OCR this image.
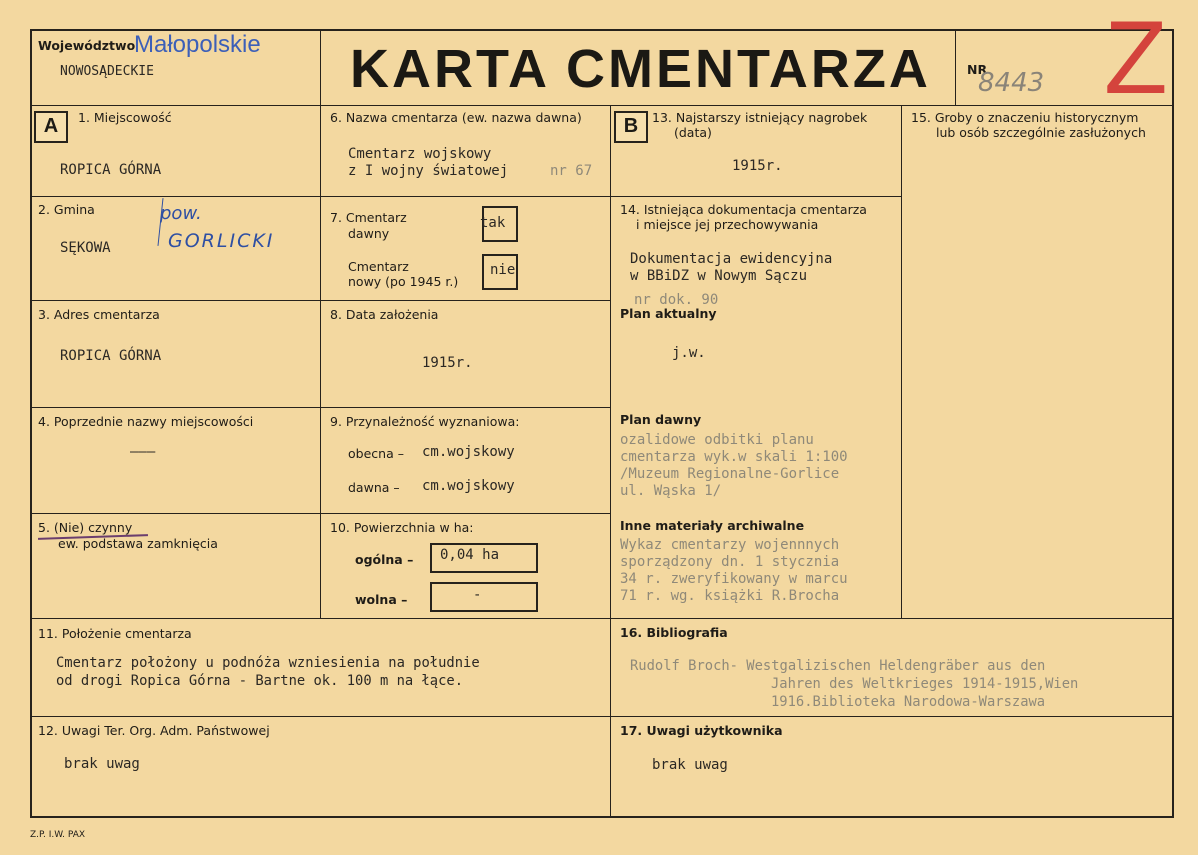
Województwo
Małopolskie
NOWOSĄDECKIE	KARTA CMENTARZA	NR
8443 Z
A	1. Miejscowość
ROPICA GÓRNA
2. Gmina	pow.
GORLICKI
SĘKOWA
3. Adres cmentarza
ROPICA GÓRNA
4. Poprzednie nazwy miejscowości
———
5. (Nie) czynny
ew. podstawa zamknięcia
6. Nazwa cmentarza (ew. nazwa dawna)
Cmentarz wojskowy
z I wojny światowej	nr 67
7. Cmentarz
dawny
tak
Cmentarz
nowy (po 1945 r.)
nie
8. Data założenia
1915r.
9. Przynależność wyznaniowa:
obecna – cm.wojskowy
dawna – cm.wojskowy
10. Powierzchnia w ha:
ogólna – 0,04 ha
wolna –	-
B	13. Najstarszy istniejący nagrobek
(data)
1915r.
14. Istniejąca dokumentacja cmentarza
i miejsce jej przechowywania
Dokumentacja ewidencyjna
w BBiDZ w Nowym Sączu
nr dok. 90
Plan aktualny
j.w.
Plan dawny
ozalidowe odbitki planu
cmentarza wyk.w skali 1:100
/Muzeum Regionalne-Gorlice
ul. Wąska 1/
Inne materiały archiwalne
Wykaz cmentarzy wojennnych
sporządzony dn. 1 stycznia
34 r. zweryfikowany w marcu
71 r. wg. książki R.Brocha
15. Groby o znaczeniu historycznym
lub osób szczególnie zasłużonych
11. Położenie cmentarza
Cmentarz położony u podnóża wzniesienia na południe
od drogi Ropica Górna - Bartne ok. 100 m na łące.
16. Bibliografia
Rudolf Broch- Westgalizischen Heldengräber aus den
Jahren des Weltkrieges 1914-1915,Wien
1916.Biblioteka Narodowa-Warszawa
12. Uwagi Ter. Org. Adm. Państwowej
brak uwag
17. Uwagi użytkownika
brak uwag
Z.P. I.W. PAX
